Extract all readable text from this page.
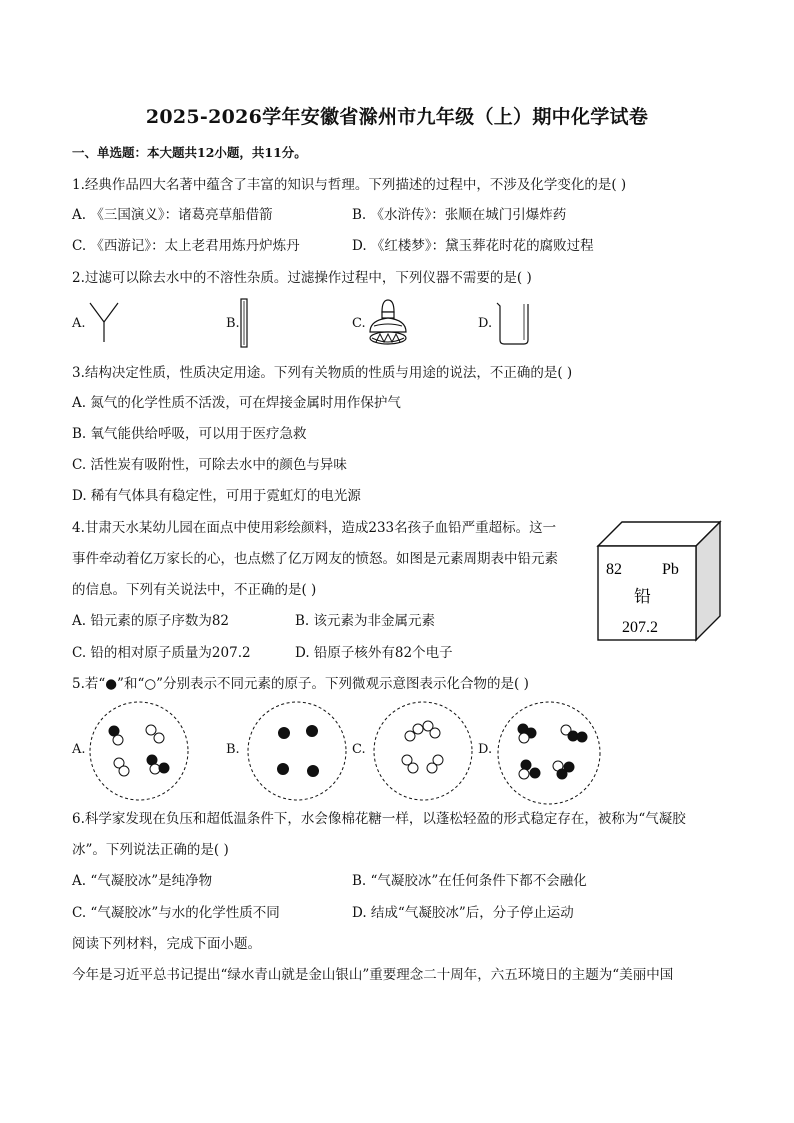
2025-2026学年安徽省滁州市九年级（上）期中化学试卷
一、单选题：本大题共12小题，共11分。
1.经典作品四大名著中蕴含了丰富的知识与哲理。下列描述的过程中，不涉及化学变化的是( )
A. 《三国演义》：诸葛亮草船借箭	B. 《水浒传》：张顺在城门引爆炸药
C. 《西游记》：太上老君用炼丹炉炼丹	D. 《红楼梦》：黛玉葬花时花的腐败过程
2.过滤可以除去水中的不溶性杂质。过滤操作过程中，下列仪器不需要的是( )
A.	B.	C.	D.
3.结构决定性质，性质决定用途。下列有关物质的性质与用途的说法，不正确的是( )
A. 氮气的化学性质不活泼，可在焊接金属时用作保护气
B. 氧气能供给呼吸，可以用于医疗急救
C. 活性炭有吸附性，可除去水中的颜色与异味
D. 稀有气体具有稳定性，可用于霓虹灯的电光源
4.甘肃天水某幼儿园在面点中使用彩绘颜料，造成233名孩子血铅严重超标。这一
事件牵动着亿万家长的心，也点燃了亿万网友的愤怒。如图是元素周期表中铅元素
的信息。下列有关说法中，不正确的是( )
A. 铅元素的原子序数为82	B. 该元素为非金属元素
C. 铅的相对原子质量为207.2	D. 铅原子核外有82个电子
82	Pb
铅
207.2
5.若“●”和“○”分别表示不同元素的原子。下列微观示意图表示化合物的是( )
A.	B.	C.	D.
6.科学家发现在负压和超低温条件下，水会像棉花糖一样，以蓬松轻盈的形式稳定存在，被称为“气凝胶
冰”。下列说法正确的是( )
A. “气凝胶冰”是纯净物	B. “气凝胶冰”在任何条件下都不会融化
C. “气凝胶冰”与水的化学性质不同	D. 结成“气凝胶冰”后，分子停止运动
阅读下列材料，完成下面小题。
今年是习近平总书记提出“绿水青山就是金山银山”重要理念二十周年，六五环境日的主题为“美丽中国
